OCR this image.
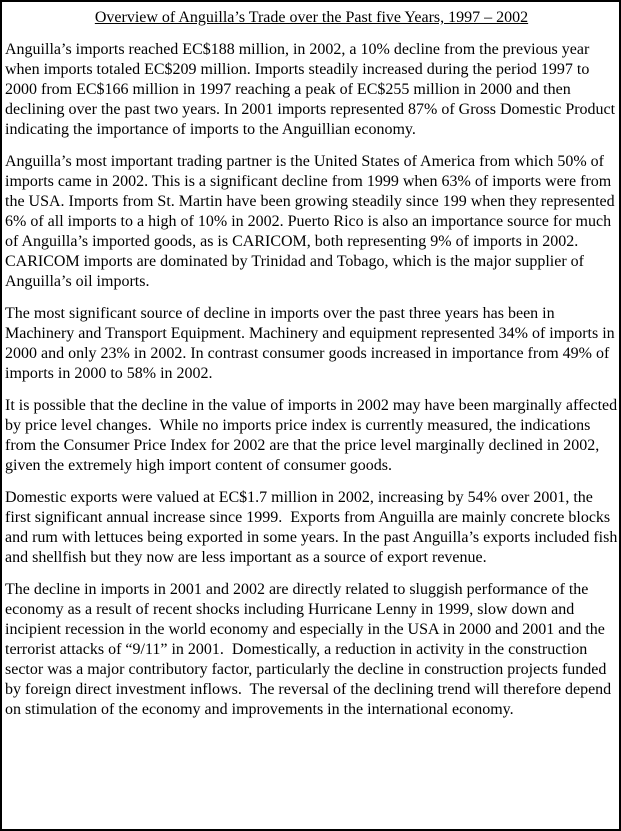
Overview of Anguilla’s Trade over the Past five Years, 1997 – 2002

Anguilla’s imports reached EC$188 million, in 2002, a 10% decline from the previous year when imports totaled EC$209 million. Imports steadily increased during the period 1997 to 2000 from EC$166 million in 1997 reaching a peak of EC$255 million in 2000 and then declining over the past two years. In 2001 imports represented 87% of Gross Domestic Product indicating the importance of imports to the Anguillian economy.

Anguilla’s most important trading partner is the United States of America from which 50% of imports came in 2002. This is a significant decline from 1999 when 63% of imports were from the USA. Imports from St. Martin have been growing steadily since 199 when they represented 6% of all imports to a high of 10% in 2002. Puerto Rico is also an importance source for much of Anguilla’s imported goods, as is CARICOM, both representing 9% of imports in 2002. CARICOM imports are dominated by Trinidad and Tobago, which is the major supplier of Anguilla’s oil imports.

The most significant source of decline in imports over the past three years has been in Machinery and Transport Equipment. Machinery and equipment represented 34% of imports in 2000 and only 23% in 2002. In contrast consumer goods increased in importance from 49% of imports in 2000 to 58% in 2002.

It is possible that the decline in the value of imports in 2002 may have been marginally affected by price level changes.  While no imports price index is currently measured, the indications from the Consumer Price Index for 2002 are that the price level marginally declined in 2002, given the extremely high import content of consumer goods.

Domestic exports were valued at EC$1.7 million in 2002, increasing by 54% over 2001, the first significant annual increase since 1999.  Exports from Anguilla are mainly concrete blocks and rum with lettuces being exported in some years. In the past Anguilla’s exports included fish and shellfish but they now are less important as a source of export revenue.

The decline in imports in 2001 and 2002 are directly related to sluggish performance of the economy as a result of recent shocks including Hurricane Lenny in 1999, slow down and incipient recession in the world economy and especially in the USA in 2000 and 2001 and the terrorist attacks of “9/11” in 2001.  Domestically, a reduction in activity in the construction sector was a major contributory factor, particularly the decline in construction projects funded by foreign direct investment inflows.  The reversal of the declining trend will therefore depend on stimulation of the economy and improvements in the international economy.
